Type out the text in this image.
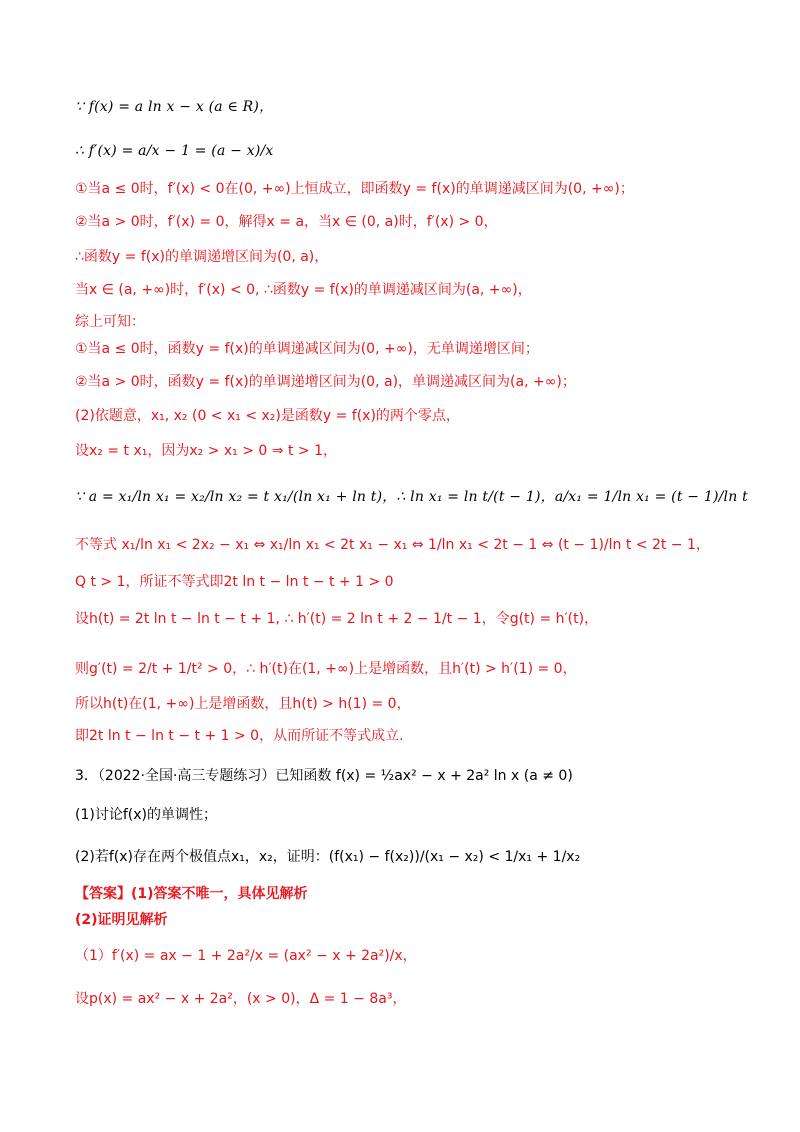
∵ f(x) = a ln x − x (a ∈ R)，
∴ f′(x) = a/x − 1 = (a − x)/x
①当a ≤ 0时，f′(x) < 0在(0, +∞)上恒成立，即函数y = f(x)的单调递减区间为(0, +∞)；
②当a > 0时，f′(x) = 0，解得x = a，当x ∈ (0, a)时，f′(x) > 0，
∴函数y = f(x)的单调递增区间为(0, a)，
当x ∈ (a, +∞)时，f′(x) < 0, ∴函数y = f(x)的单调递减区间为(a, +∞)，
综上可知：
①当a ≤ 0时，函数y = f(x)的单调递减区间为(0, +∞)，无单调递增区间；
②当a > 0时，函数y = f(x)的单调递增区间为(0, a)，单调递减区间为(a, +∞)；
(2)依题意，x₁, x₂ (0 < x₁ < x₂)是函数y = f(x)的两个零点，
设x₂ = t x₁，因为x₂ > x₁ > 0 ⇒ t > 1，
∵ a = x₁/ln x₁ = x₂/ln x₂ = t x₁/(ln x₁ + ln t)，∴ ln x₁ = ln t/(t − 1)，a/x₁ = 1/ln x₁ = (t − 1)/ln t
不等式 x₁/ln x₁ < 2x₂ − x₁ ⇔ x₁/ln x₁ < 2t x₁ − x₁ ⇔ 1/ln x₁ < 2t − 1 ⇔ (t − 1)/ln t < 2t − 1，
Q t > 1，所证不等式即2t ln t − ln t − t + 1 > 0
设h(t) = 2t ln t − ln t − t + 1, ∴ h′(t) = 2 ln t + 2 − 1/t − 1，令g(t) = h′(t)，
则g′(t) = 2/t + 1/t² > 0，∴ h′(t)在(1, +∞)上是增函数，且h′(t) > h′(1) = 0，
所以h(t)在(1, +∞)上是增函数，且h(t) > h(1) = 0，
即2t ln t − ln t − t + 1 > 0，从而所证不等式成立.
3．（2022·全国·高三专题练习）已知函数 f(x) = ½ax² − x + 2a² ln x (a ≠ 0)
(1)讨论f(x)的单调性；
(2)若f(x)存在两个极值点x₁，x₂，证明：(f(x₁) − f(x₂))/(x₁ − x₂) < 1/x₁ + 1/x₂
【答案】(1)答案不唯一，具体见解析
(2)证明见解析
（1）f′(x) = ax − 1 + 2a²/x = (ax² − x + 2a²)/x，
设p(x) = ax² − x + 2a²，(x > 0)，Δ = 1 − 8a³，
